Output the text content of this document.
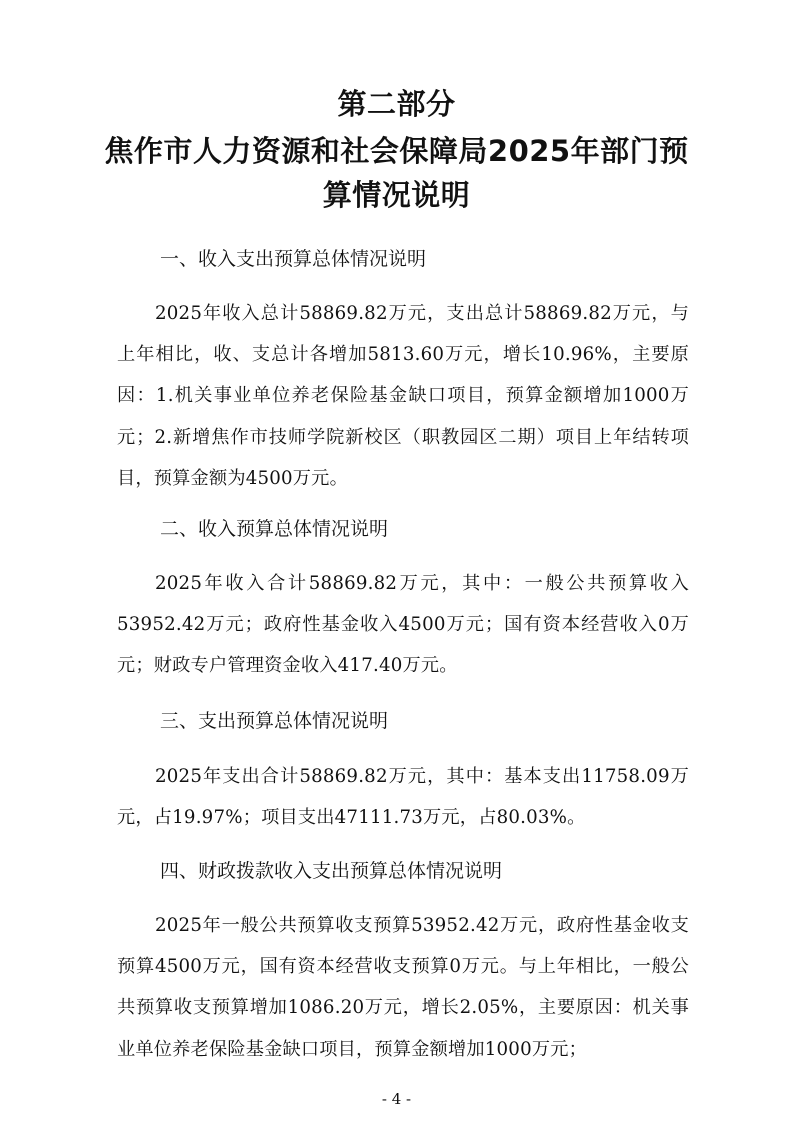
第二部分
焦作市人力资源和社会保障局2025年部门预
算情况说明
一、收入支出预算总体情况说明

2025年收入总计58869.82万元，支出总计58869.82万元，与上年相比，收、支总计各增加5813.60万元，增长10.96%，主要原因：1.机关事业单位养老保险基金缺口项目，预算金额增加1000万元；2.新增焦作市技师学院新校区（职教园区二期）项目上年结转项目，预算金额为4500万元。

二、收入预算总体情况说明

2025年收入合计58869.82万元，其中：一般公共预算收入53952.42万元；政府性基金收入4500万元；国有资本经营收入0万元；财政专户管理资金收入417.40万元。

三、支出预算总体情况说明

2025年支出合计58869.82万元，其中：基本支出11758.09万元，占19.97%；项目支出47111.73万元，占80.03%。

四、财政拨款收入支出预算总体情况说明

2025年一般公共预算收支预算53952.42万元，政府性基金收支预算4500万元，国有资本经营收支预算0万元。与上年相比，一般公共预算收支预算增加1086.20万元，增长2.05%，主要原因：机关事业单位养老保险基金缺口项目，预算金额增加1000万元；

- 4 -
